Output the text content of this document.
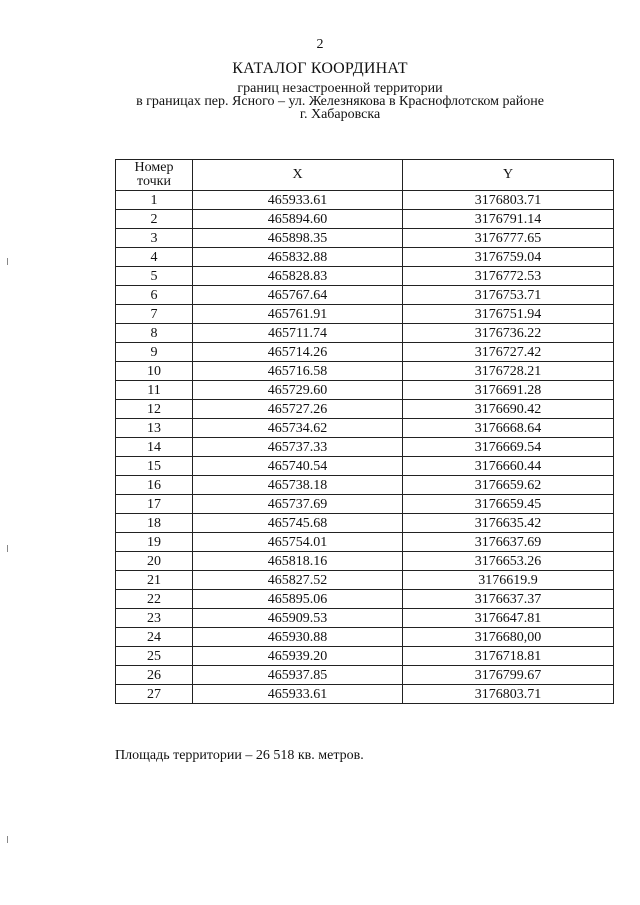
2
КАТАЛОГ КООРДИНАТ
границ незастроенной территории
в границах пер. Ясного – ул. Железнякова в Краснофлотском районе
г. Хабаровска
Номер
точки	X	Y
1	465933.61	3176803.71
2	465894.60	3176791.14
3	465898.35	3176777.65
4	465832.88	3176759.04
5	465828.83	3176772.53
6	465767.64	3176753.71
7	465761.91	3176751.94
8	465711.74	3176736.22
9	465714.26	3176727.42
10	465716.58	3176728.21
11	465729.60	3176691.28
12	465727.26	3176690.42
13	465734.62	3176668.64
14	465737.33	3176669.54
15	465740.54	3176660.44
16	465738.18	3176659.62
17	465737.69	3176659.45
18	465745.68	3176635.42
19	465754.01	3176637.69
20	465818.16	3176653.26
21	465827.52	3176619.9
22	465895.06	3176637.37
23	465909.53	3176647.81
24	465930.88	3176680,00
25	465939.20	3176718.81
26	465937.85	3176799.67
27	465933.61	3176803.71
Площадь территории – 26 518 кв. метров.
